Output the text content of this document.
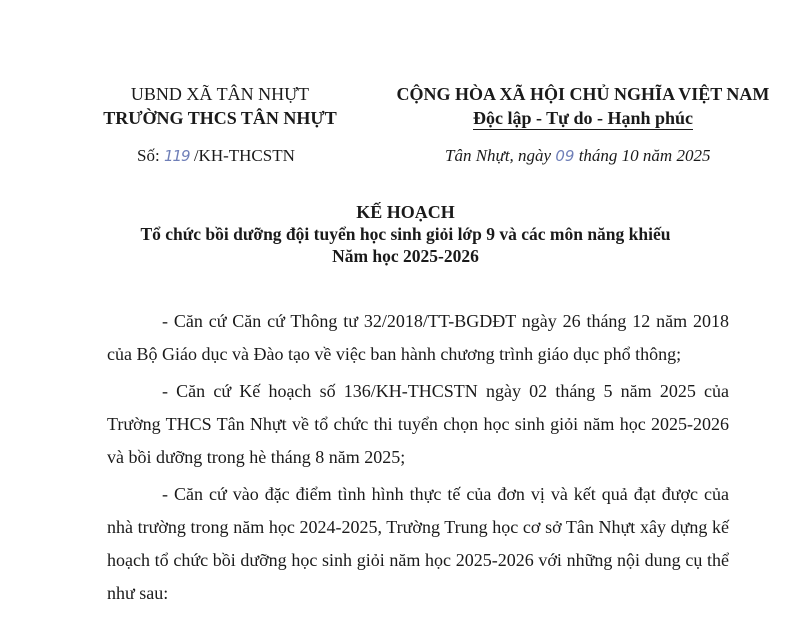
UBND XÃ TÂN NHỰT
TRƯỜNG THCS TÂN NHỰT
CỘNG HÒA XÃ HỘI CHỦ NGHĨA VIỆT NAM
Độc lập - Tự do - Hạnh phúc
Số: 119 /KH-THCSTN	Tân Nhựt, ngày 09 tháng 10 năm 2025
KẾ HOẠCH
Tổ chức bồi dưỡng đội tuyển học sinh giỏi lớp 9 và các môn năng khiếu
Năm học 2025-2026

- Căn cứ Căn cứ Thông tư 32/2018/TT-BGDĐT ngày 26 tháng 12 năm 2018 của Bộ Giáo dục và Đào tạo về việc ban hành chương trình giáo dục phổ thông;

- Căn cứ Kế hoạch số 136/KH-THCSTN ngày 02 tháng 5 năm 2025 của Trường THCS Tân Nhựt về tổ chức thi tuyển chọn học sinh giỏi năm học 2025-2026 và bồi dưỡng trong hè tháng 8 năm 2025;

- Căn cứ vào đặc điểm tình hình thực tế của đơn vị và kết quả đạt được của nhà trường trong năm học 2024-2025, Trường Trung học cơ sở Tân Nhựt xây dựng kế hoạch tổ chức bồi dưỡng học sinh giỏi năm học 2025-2026 với những nội dung cụ thể như sau:
